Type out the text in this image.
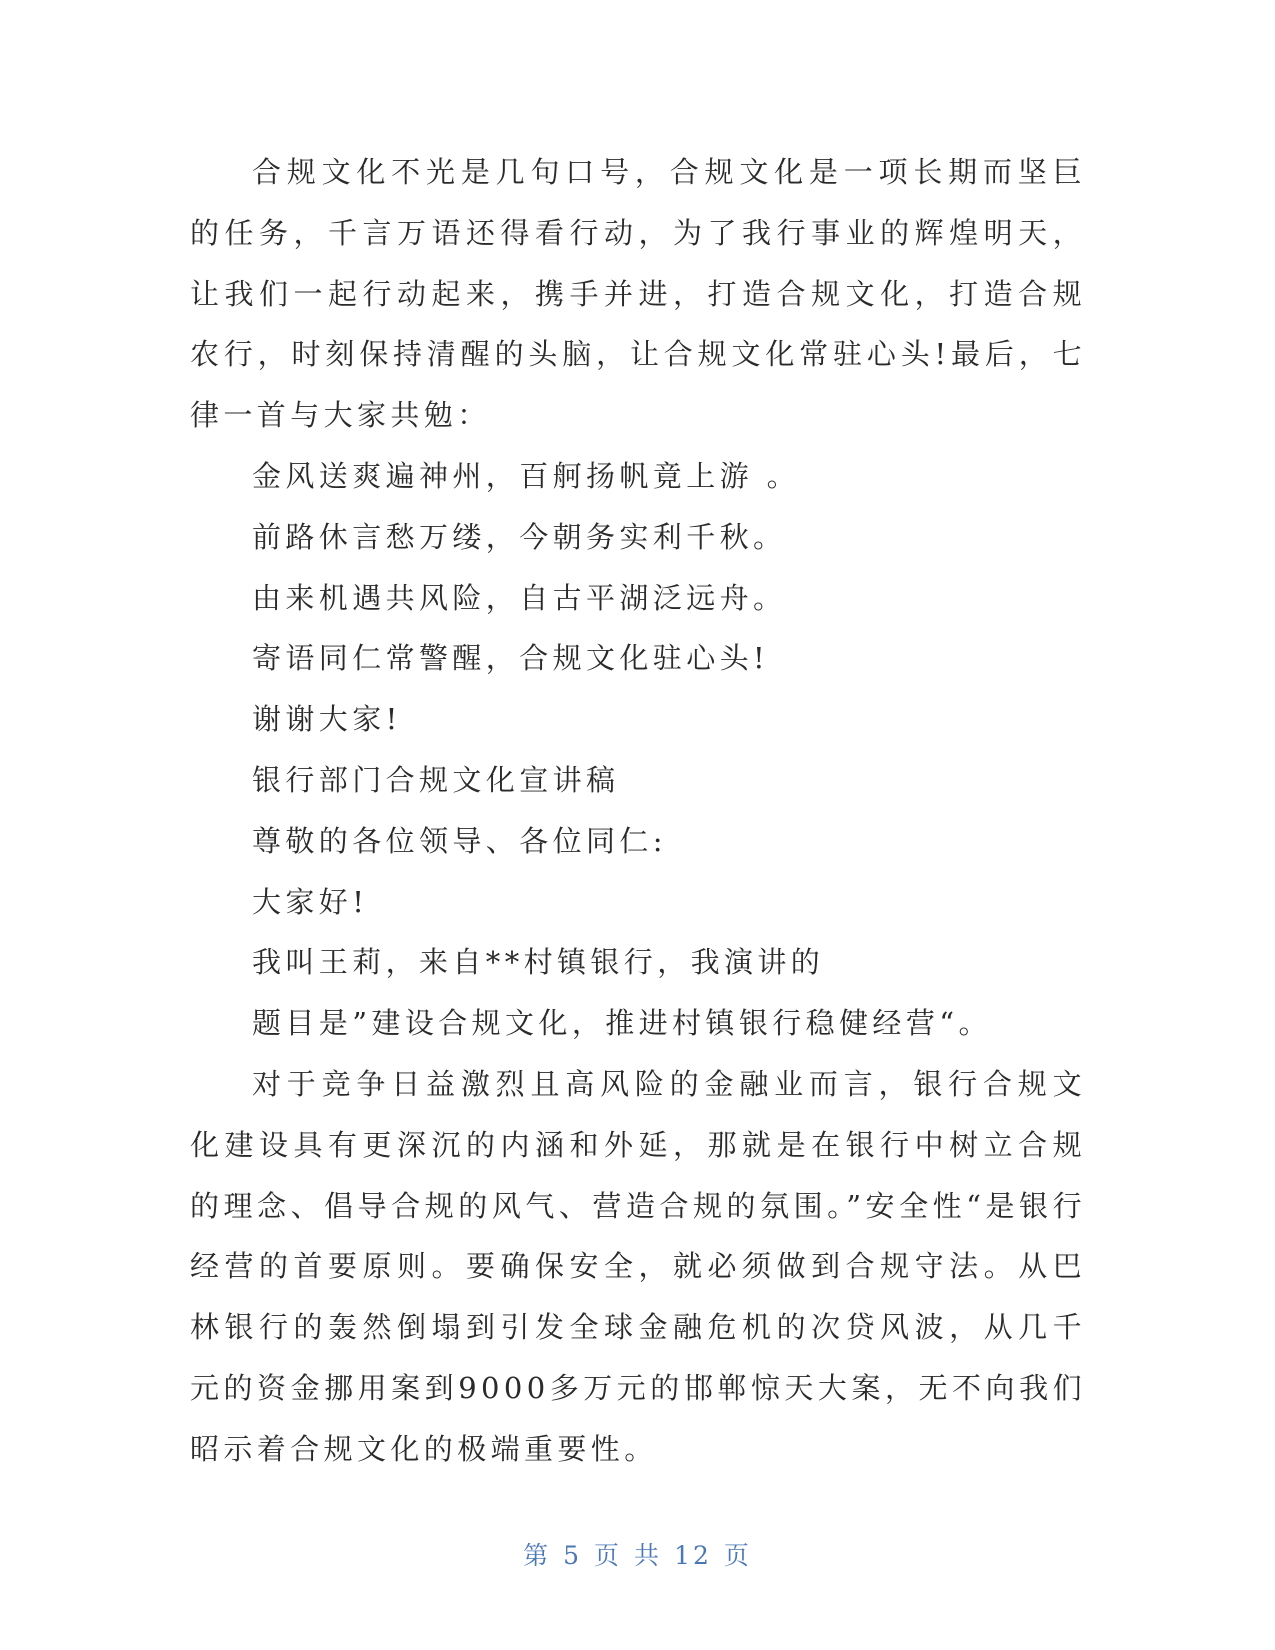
合规文化不光是几句口号，合规文化是一项长期而坚巨的任务，千言万语还得看行动，为了我行事业的辉煌明天，让我们一起行动起来，携手并进，打造合规文化，打造合规农行，时刻保持清醒的头脑，让合规文化常驻心头!最后，七律一首与大家共勉：

金风送爽遍神州，百舸扬帆竟上游 。

前路休言愁万缕，今朝务实利千秋。

由来机遇共风险，自古平湖泛远舟。

寄语同仁常警醒，合规文化驻心头!

谢谢大家!

银行部门合规文化宣讲稿

尊敬的各位领导、各位同仁:

大家好!

我叫王莉，来自**村镇银行，我演讲的

题目是”建设合规文化，推进村镇银行稳健经营“。

对于竞争日益激烈且高风险的金融业而言，银行合规文化建设具有更深沉的内涵和外延，那就是在银行中树立合规的理念、倡导合规的风气、营造合规的氛围。”安全性“是银行经营的首要原则。要确保安全，就必须做到合规守法。从巴林银行的轰然倒塌到引发全球金融危机的次贷风波，从几千元的资金挪用案到9000多万元的邯郸惊天大案，无不向我们昭示着合规文化的极端重要性。

第 5 页 共 12 页
